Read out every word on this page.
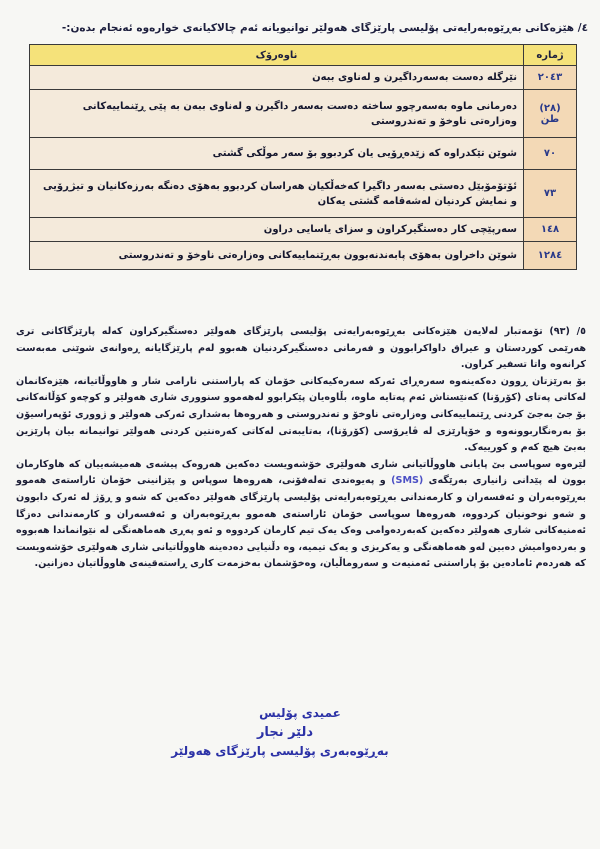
٤/ هێزەکانی بەڕێوەبەرایەتی پۆلیسی پارێزگای هەولێر توانیویانە ئەم چالاکیانەی خوارەوە ئەنجام بدەن:-
ژمارە	ناوەرۆک
٢٠٤٣	نێرگلە دەست بەسەرداگیرن و لەناوی ببەن
(٢٨) طن	دەرمانی ماوە بەسەرچوو ساختە دەست بەسەر داگیرن و لەناوی ببەن بە پێی ڕێنماییەکانی وەزارەتی ناوخۆ و تەندروستی
٧٠	شوێن تێکدراوە کە زێدەڕۆیی یان کردبوو بۆ سەر موڵکی گشتی
٧٣	ئۆتۆمۆبێل دەستی بەسەر داگیرا کەخەڵکیان هەراسان کردبوو بەهۆی دەنگە بەرزەکانیان و تیژڕۆیی و نمایش کردنیان لەشەقامە گشتی یەکان
١٤٨	سەرپێچی کار دەستگیرکراون و سزای یاسایی دراون
١٢٨٤	شوێن داخراون بەهۆی پابەندنەبوون بەڕێنماییەکانی وەزارەتی ناوخۆ و تەندروستی

٥/ (٩٣) تۆمەتبار لەلایەن هێزەکانی بەڕێوەبەرایەتی پۆلیسی پارێزگای هەولێر دەستگیرکراون کەلە پارێزگاکانی تری هەرێمی کوردستان و عیراق داواکرابوون و فەرمانی دەستگیرکردنیان هەبوو لەم پارێزگایانە ڕەوانەی شوێنی مەبەست کرانەوە واتا تسفیر کراون.

بۆ بەرێزتان ڕوون دەکەینەوە سەرەڕای ئەرکە سەرەکیەکانی خۆمان کە پاراستنی نارامی شار و هاووڵاتیانە، هێزەکانمان لەکاتی پەتای (کۆرۆنا) کەنێستاش ئەم پەتایە ماوە، بڵاوەیان پێکرابوو لەهەموو سنووری شاری هەولێر و کوچەو کۆڵانەکانی بۆ جێ بەجێ کردنی ڕێنماییەکانی وەزارەتی ناوخۆ و تەندروستی و هەروەها بەشداری ئەرکی هەولێر و ژووری ئۆپەراسیۆن بۆ بەرەنگاربوونەوە و خۆپارێزی لە ڤایرۆسی (کۆرۆنا)، بەتایبەتی لەکاتی کەرەنتین کردنی هەولێر توانیمانە بیان پارێزین بەبێ هیچ کەم و کورییەک.

لێرەوە سوپاسی بێ پایانی هاووڵاتیانی شاری هەولێری خۆشەویست دەکەین هەروەک پیشەی هەمیشەییان کە هاوکارمان بوون لە پێدانی زانیاری بەرێگەی (SMS) و پەیوەندی تەلەفۆنی، هەروەها سوپاس و پێزانینی خۆمان ئاراستەی هەموو بەڕێوەبەران و ئەفسەران و کارمەندانی بەڕێوەبەرایەتی پۆلیسی پارێزگای هەولێر دەکەین کە شەو و ڕۆژ لە ئەرک دابوون و شەو نوخونیان کردووە، هەروەها سوپاسی خۆمان ئاراستەی هەموو بەڕێوەبەران و ئەفسەران و کارمەندانی دەزگا ئەمنیەکانی شاری هەولێر دەکەین کەبەردەوامی وەک یەک تیم کارمان کردووە و ئەو پەڕی هەماهەنگی لە نێوانماندا هەبووە و بەردەوامیش دەبین لەو هەماهەنگی و یەکریزی و یەک تیمیە، وە دڵنیایی دەدەینە هاووڵاتیانی شاری هەولێری خۆشەویست کە هەردەم ئامادەین بۆ پاراستنی ئەمنیەت و سەروماڵیان، وەخۆشمان بەخزمەت کاری ڕاستەقینەی هاووڵاتیان دەزانین.

عمیدی پۆلیس
دلێر نجار
بەڕێوەبەری پۆلیسی پارێزگای هەولێر
